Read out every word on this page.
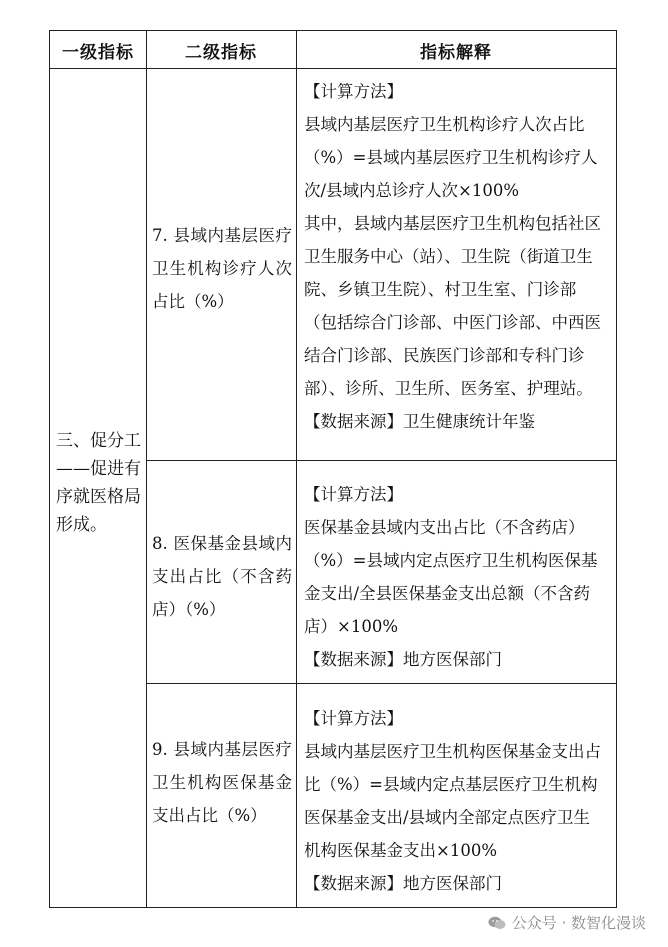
一级指标	二级指标	指标解释
三、促分工——促进有序就医格局形成。
7. 县域内基层医疗卫生机构诊疗人次占比（%）

【计算方法】

县域内基层医疗卫生机构诊疗人次占比（%）=县域内基层医疗卫生机构诊疗人次/县域内总诊疗人次×100%

其中，县域内基层医疗卫生机构包括社区卫生服务中心（站）、卫生院（街道卫生院、乡镇卫生院）、村卫生室、门诊部（包括综合门诊部、中医门诊部、中西医结合门诊部、民族医门诊部和专科门诊部）、诊所、卫生所、医务室、护理站。

【数据来源】卫生健康统计年鉴

8. 医保基金县域内支出占比（不含药店）（%）

【计算方法】

医保基金县域内支出占比（不含药店）（%）=县域内定点医疗卫生机构医保基金支出/全县医保基金支出总额（不含药店）×100%

【数据来源】地方医保部门

9. 县域内基层医疗卫生机构医保基金支出占比（%）

【计算方法】

县域内基层医疗卫生机构医保基金支出占比（%）=县域内定点基层医疗卫生机构医保基金支出/县域内全部定点医疗卫生机构医保基金支出×100%

【数据来源】地方医保部门

公众号 · 数智化漫谈
